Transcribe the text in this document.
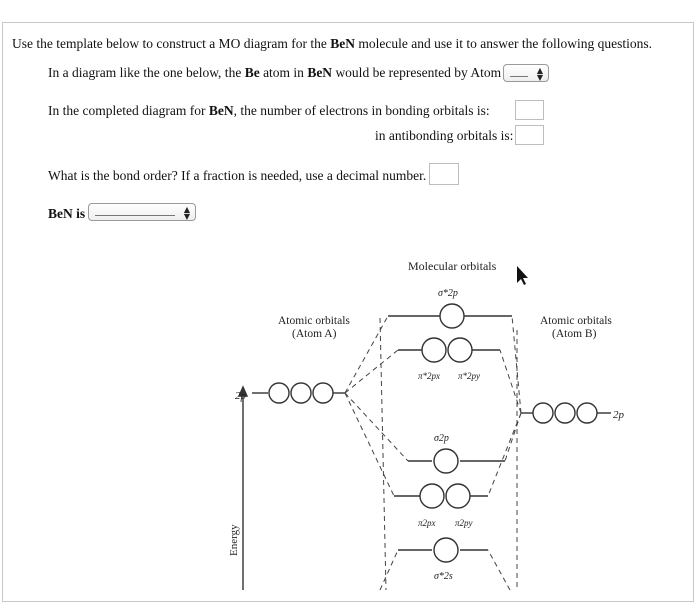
Use the template below to construct a MO diagram for the BeN molecule and use it to answer the following questions.
In a diagram like the one below, the Be atom in BeN would be represented by Atom	▲
▼
In the completed diagram for BeN, the number of electrons in bonding orbitals is:
in antibonding orbitals is:
What is the bond order? If a fraction is needed, use a decimal number.
BeN is	▲
▼
Molecular orbitals
Atomic orbitals
(Atom A)
Atomic orbitals
(Atom B)
2p
2p
Energy
σ*2p
π*2px π*2py
σ2p
π2px π2py
σ*2s
